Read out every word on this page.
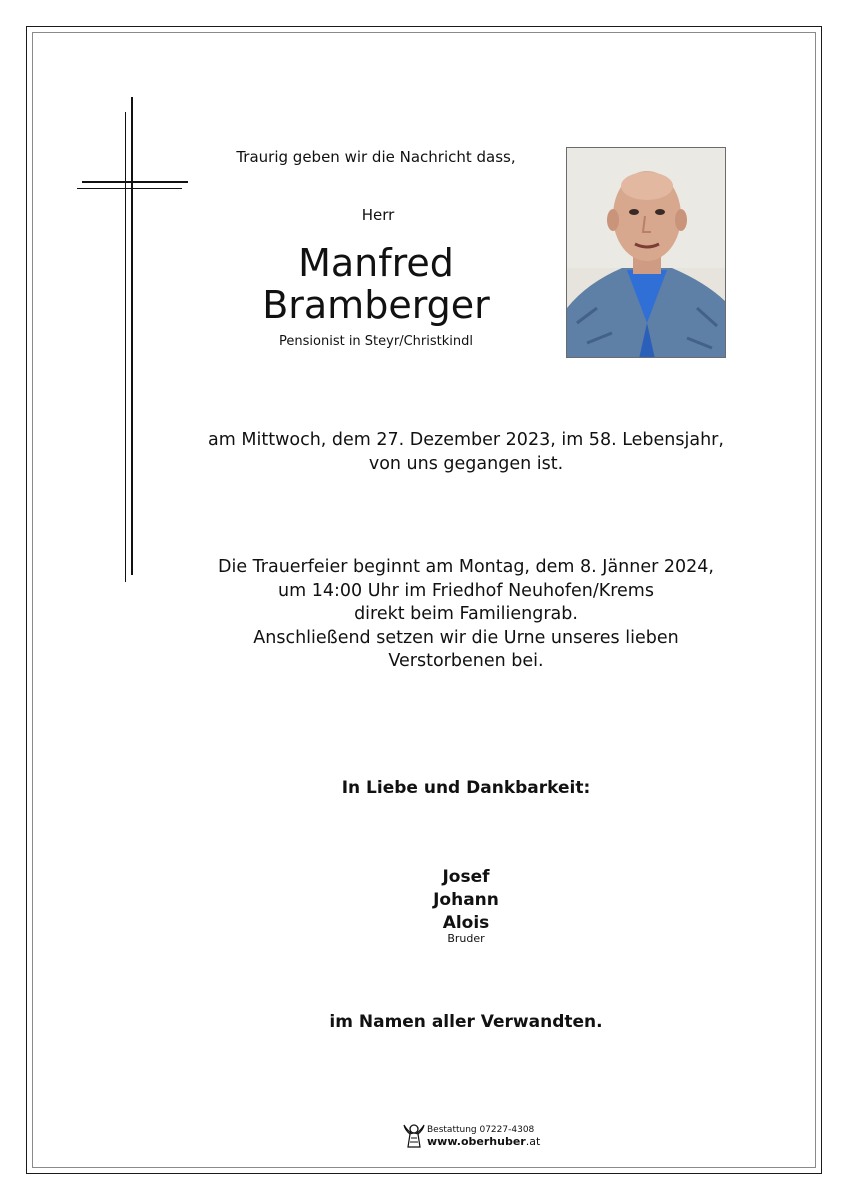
Traurig geben wir die Nachricht dass,
Herr
Manfred
Bramberger
Pensionist in Steyr/Christkindl
am Mittwoch, dem 27. Dezember 2023, im 58. Lebensjahr,
von uns gegangen ist.
Die Trauerfeier beginnt am Montag, dem 8. Jänner 2024,
um 14:00 Uhr im Friedhof Neuhofen/Krems
direkt beim Familiengrab.
Anschließend setzen wir die Urne unseres lieben
Verstorbenen bei.
In Liebe und Dankbarkeit:
Josef
Johann
Alois
Bruder
im Namen aller Verwandten.
Bestattung 07227-4308
www.oberhuber.at
